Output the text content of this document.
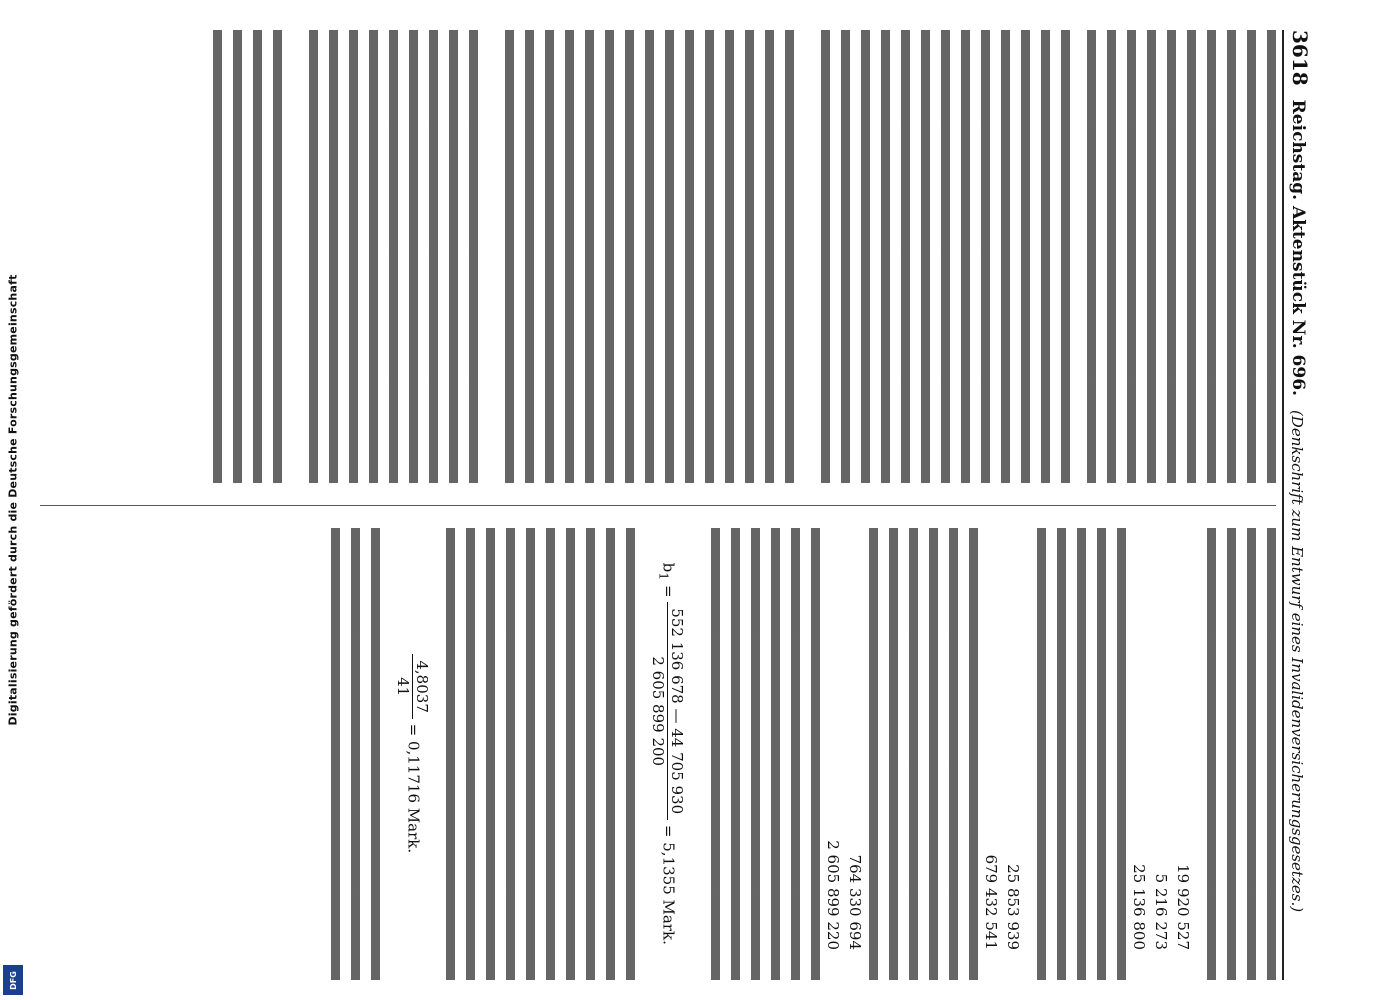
Digitalisierung gefördert durch die Deutsche Forschungsgemeinschaft
DFG
3618
Reichstag. Aktenstück Nr. 696.
(Denkschrift zum Entwurf eines Invalidenversicherungsgesetzes.)
19 920 527
5 216 273
25 136 800
25 853 939
679 432 541
764 330 694
2 605 899 220
$b_1$ =
552 136 678 — 44 705 930
2 605 899 200
= 5,1355 Mark.
4,8037
41
= 0,11716 Mark.
